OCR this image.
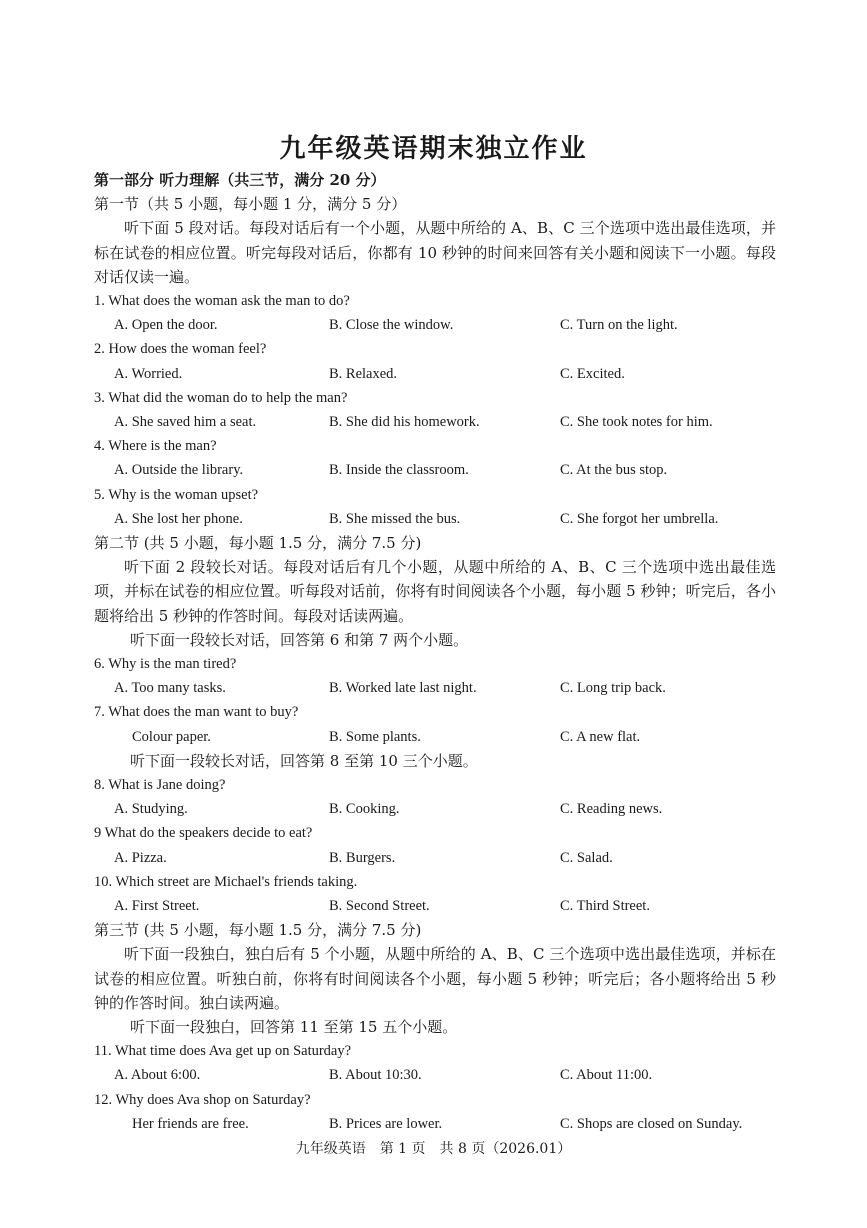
九年级英语期末独立作业
第一部分 听力理解（共三节，满分 20 分）
第一节（共 5 小题，每小题 1 分，满分 5 分）
听下面 5 段对话。每段对话后有一个小题，从题中所给的 A、B、C 三个选项中选出最佳选项，并标在试卷的相应位置。听完每段对话后，你都有 10 秒钟的时间来回答有关小题和阅读下一小题。每段对话仅读一遍。
1. What does the woman ask the man to do?
A. Open the door.	B. Close the window.	C. Turn on the light.
2. How does the woman feel?
A. Worried.	B. Relaxed.	C. Excited.
3. What did the woman do to help the man?
A. She saved him a seat.	B. She did his homework.	C. She took notes for him.
4. Where is the man?
A. Outside the library.	B. Inside the classroom.	C. At the bus stop.
5. Why is the woman upset?
A. She lost her phone.	B. She missed the bus.	C. She forgot her umbrella.
第二节 (共 5 小题，每小题 1.5 分，满分 7.5 分)
听下面 2 段较长对话。每段对话后有几个小题，从题中所给的 A、B、C 三个选项中选出最佳选项，并标在试卷的相应位置。听每段对话前，你将有时间阅读各个小题，每小题 5 秒钟；听完后，各小题将给出 5 秒钟的作答时间。每段对话读两遍。
听下面一段较长对话，回答第 6 和第 7 两个小题。
6. Why is the man tired?
A. Too many tasks.	B. Worked late last night.	C. Long trip back.
7. What does the man want to buy?
Colour paper.	B. Some plants.	C. A new flat.
听下面一段较长对话，回答第 8 至第 10 三个小题。
8. What is Jane doing?
A. Studying.	B. Cooking.	C. Reading news.
9 What do the speakers decide to eat?
A. Pizza.	B. Burgers.	C. Salad.
10. Which street are Michael's friends taking.
A. First Street.	B. Second Street.	C. Third Street.
第三节 (共 5 小题，每小题 1.5 分，满分 7.5 分)
听下面一段独白，独白后有 5 个小题，从题中所给的 A、B、C 三个选项中选出最佳选项，并标在试卷的相应位置。听独白前，你将有时间阅读各个小题，每小题 5 秒钟；听完后；各小题将给出 5 秒钟的作答时间。独白读两遍。
听下面一段独白，回答第 11 至第 15 五个小题。
11. What time does Ava get up on Saturday?
A. About 6:00.	B. About 10:30.	C. About 11:00.
12. Why does Ava shop on Saturday?
Her friends are free.	B. Prices are lower.	C. Shops are closed on Sunday.
九年级英语　第 1 页　共 8 页（2026.01）
